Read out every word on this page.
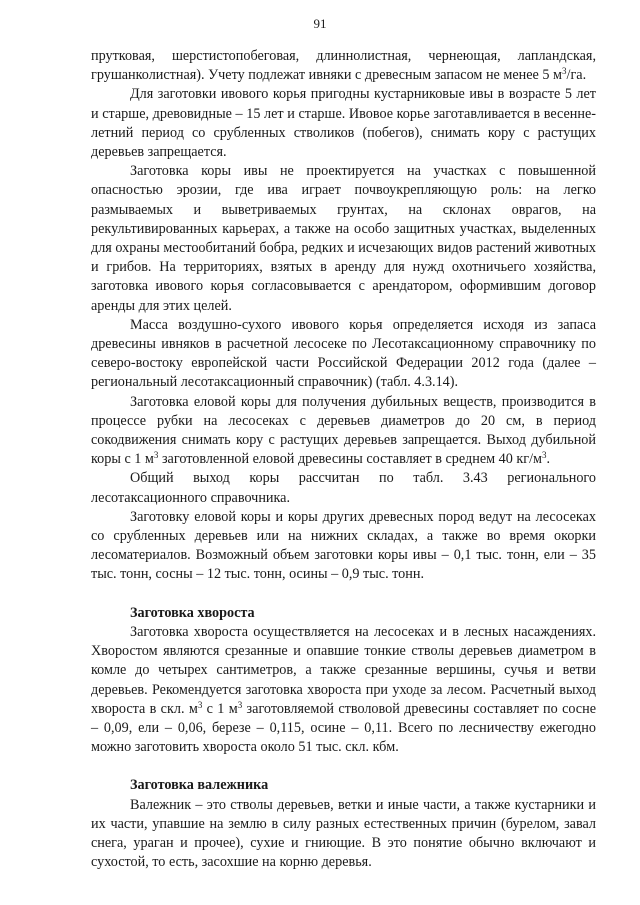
91

прутковая, шерстистопобеговая, длиннолистная, чернеющая, лапландская, грушанколистная). Учету подлежат ивняки с древесным запасом не менее 5 $м^3/га$.

Для заготовки ивового корья пригодны кустарниковые ивы в возрасте 5 лет и старше, древовидные – 15 лет и старше. Ивовое корье заготавливается в весенне-летний период со срубленных стволиков (побегов), снимать кору с растущих деревьев запрещается.

Заготовка коры ивы не проектируется на участках с повышенной опасностью эрозии, где ива играет почвоукрепляющую роль: на легко размываемых и выветриваемых грунтах, на склонах оврагов, на рекультивированных карьерах, а также на особо защитных участках, выделенных для охраны местообитаний бобра, редких и исчезающих видов растений животных и грибов. На территориях, взятых в аренду для нужд охотничьего хозяйства, заготовка ивового корья согласовывается с арендатором, оформившим договор аренды для этих целей.

Масса воздушно-сухого ивового корья определяется исходя из запаса древесины ивняков в расчетной лесосеке по Лесотаксационному справочнику по северо-востоку европейской части Российской Федерации 2012 года (далее – региональный лесотаксационный справочник) (табл. 4.3.14).

Заготовка еловой коры для получения дубильных веществ, производится в процессе рубки на лесосеках с деревьев диаметров до 20 см, в период сокодвижения снимать кору с растущих деревьев запрещается. Выход дубильной коры с 1 $м^3$ заготовленной еловой древесины составляет в среднем 40 $кг/м^3$.

Общий выход коры рассчитан по табл. 3.43 регионального лесотаксационного справочника.

Заготовку еловой коры и коры других древесных пород ведут на лесосеках со срубленных деревьев или на нижних складах, а также во время окорки лесоматериалов. Возможный объем заготовки коры ивы – 0,1 тыс. тонн, ели – 35 тыс. тонн, сосны – 12 тыс. тонн, осины – 0,9 тыс. тонн.

Заготовка хвороста

Заготовка хвороста осуществляется на лесосеках и в лесных насаждениях. Хворостом являются срезанные и опавшие тонкие стволы деревьев диаметром в комле до четырех сантиметров, а также срезанные вершины, сучья и ветви деревьев. Рекомендуется заготовка хвороста при уходе за лесом. Расчетный выход хвороста в скл. $м^3$ с 1 $м^3$ заготовляемой стволовой древесины составляет по сосне – 0,09, ели – 0,06, березе – 0,115, осине – 0,11. Всего по лесничеству ежегодно можно заготовить хвороста около 51 тыс. скл. кбм.

Заготовка валежника

Валежник – это стволы деревьев, ветки и иные части, а также кустарники и их части, упавшие на землю в силу разных естественных причин (бурелом, завал снега, ураган и прочее), сухие и гниющие. В это понятие обычно включают и сухостой, то есть, засохшие на корню деревья.
